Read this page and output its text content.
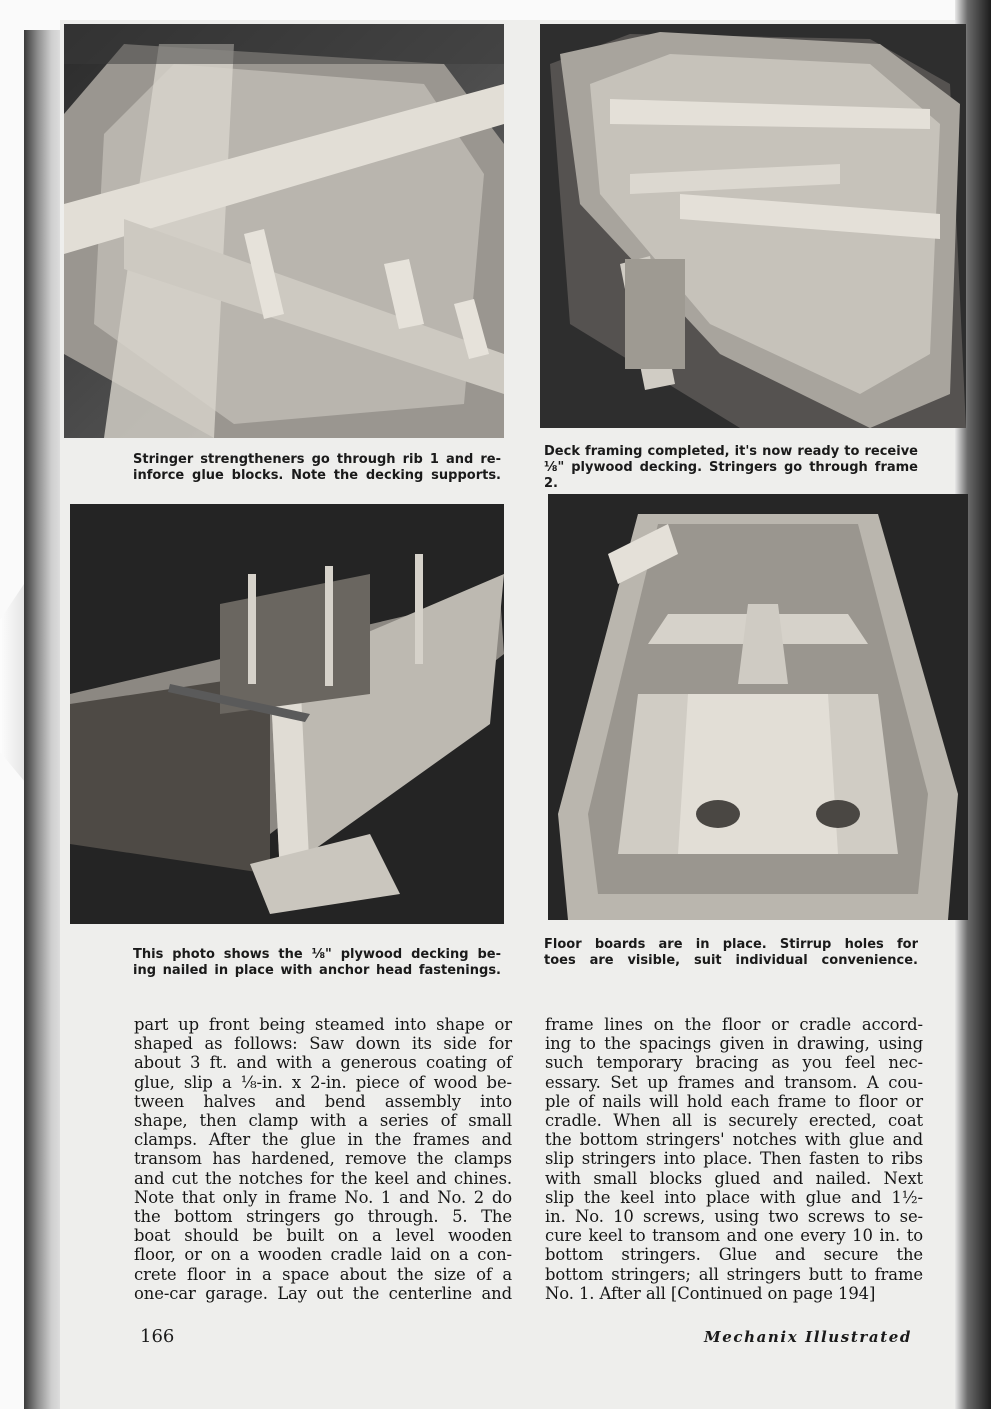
Stringer strengtheners go through rib 1 and re-
inforce glue blocks. Note the decking supports.
Deck framing completed, it's now ready to receive
⅛" plywood decking. Stringers go through frame 2.
This photo shows the ⅛" plywood decking be-
ing nailed in place with anchor head fastenings.
Floor boards are in place. Stirrup holes for
toes are visible, suit individual convenience.
part up front being steamed into shape or
shaped as follows: Saw down its side for
about 3 ft. and with a generous coating of
glue, slip a ⅛-in. x 2-in. piece of wood be-
tween halves and bend assembly into
shape, then clamp with a series of small
clamps. After the glue in the frames and
transom has hardened, remove the clamps
and cut the notches for the keel and chines.
Note that only in frame No. 1 and No. 2 do
the bottom stringers go through. 5. The
boat should be built on a level wooden
floor, or on a wooden cradle laid on a con-
crete floor in a space about the size of a
one-car garage. Lay out the centerline and
frame lines on the floor or cradle accord-
ing to the spacings given in drawing, using
such temporary bracing as you feel nec-
essary. Set up frames and transom. A cou-
ple of nails will hold each frame to floor or
cradle. When all is securely erected, coat
the bottom stringers' notches with glue and
slip stringers into place. Then fasten to ribs
with small blocks glued and nailed. Next
slip the keel into place with glue and 1½-
in. No. 10 screws, using two screws to se-
cure keel to transom and one every 10 in. to
bottom stringers. Glue and secure the
bottom stringers; all stringers butt to frame
No. 1. After all [Continued on page 194]
166	Mechanix Illustrated
